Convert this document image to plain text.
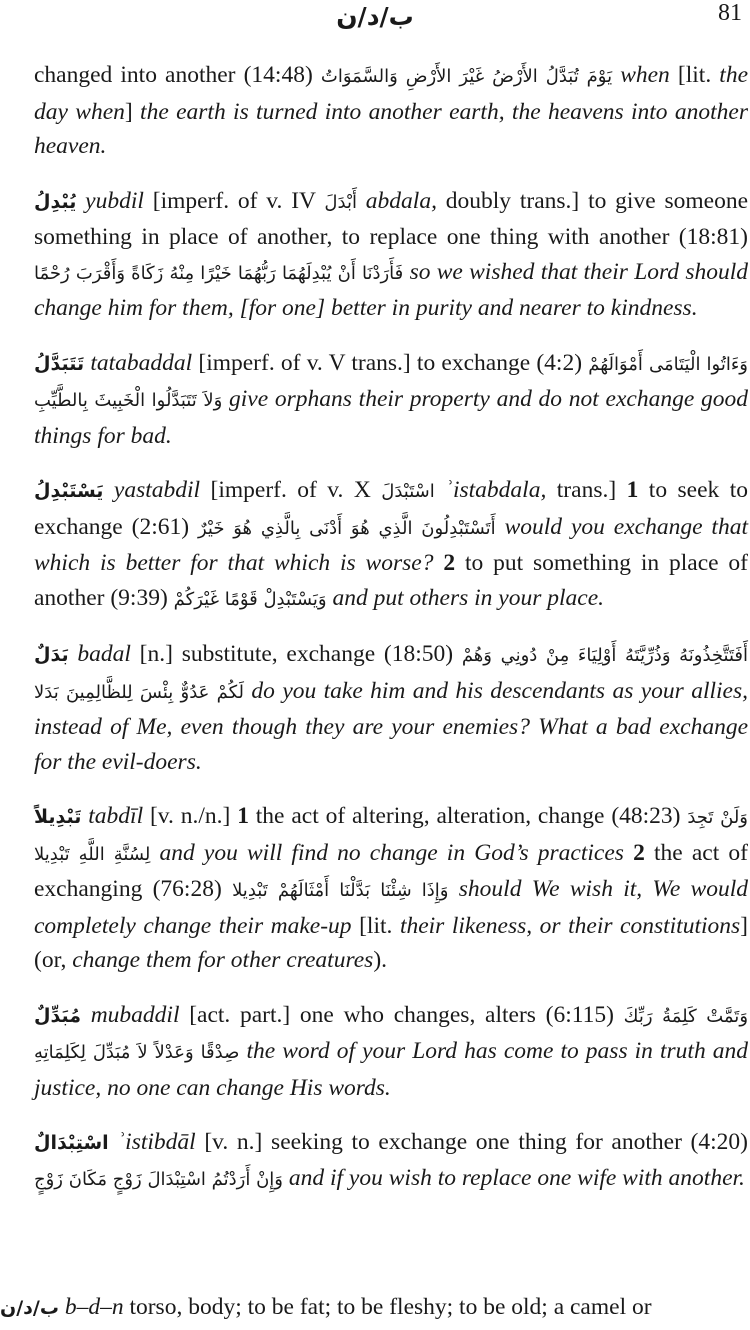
ب/د/ن	81

changed into another (14:48) يَوْمَ تُبَدَّلُ الأَرْضُ غَيْرَ الأَرْضِ وَالسَّمَوَاتُ when [lit. the day when] the earth is turned into another earth, the heavens into another heaven.

يُبْدِلُ yubdil [imperf. of v. IV أَبْدَلَ abdala, doubly trans.] to give someone something in place of another, to replace one thing with another (18:81) فَأَرَدْنَا أَنْ يُبْدِلَهُمَا رَبُّهُمَا خَيْرًا مِنْهُ زَكَاةً وَأَقْرَبَ رُحْمًا so we wished that their Lord should change him for them, [for one] better in purity and nearer to kindness.

تَتَبَدَّلُ tatabaddal [imperf. of v. V trans.] to exchange (4:2) وَءَاتُوا الْيَتَامَى أَمْوَالَهُمْ وَلاَ تَتَبَدَّلُوا الْخَبِيثَ بِالطَّيِّبِ give orphans their property and do not exchange good things for bad.

يَسْتَبْدِلُ yastabdil [imperf. of v. X اسْتَبْدَلَ ʾistabdala, trans.] 1 to seek to exchange (2:61) أَتَسْتَبْدِلُونَ الَّذِي هُوَ أَدْنَى بِالَّذِي هُوَ خَيْرٌ would you exchange that which is better for that which is worse? 2 to put something in place of another (9:39) وَيَسْتَبْدِلْ قَوْمًا غَيْرَكُمْ and put others in your place.

بَدَلٌ badal [n.] substitute, exchange (18:50) أَفَتَتَّخِذُونَهُ وَذُرِّيَّتَهُ أَوْلِيَاءَ مِنْ دُونِي وَهُمْ لَكُمْ عَدُوٌّ بِئْسَ لِلظَّالِمِينَ بَدَلا do you take him and his descendants as your allies, instead of Me, even though they are your enemies? What a bad exchange for the evil-doers.

تَبْدِيلاً tabdīl [v. n./n.] 1 the act of altering, alteration, change (48:23) وَلَنْ تَجِدَ لِسُنَّةِ اللَّهِ تَبْدِيلا and you will find no change in God’s practices 2 the act of exchanging (76:28) وَإِذَا شِئْنَا بَدَّلْنَا أَمْثَالَهُمْ تَبْدِيلا should We wish it, We would completely change their make-up [lit. their likeness, or their constitutions] (or, change them for other creatures).

مُبَدِّلٌ mubaddil [act. part.] one who changes, alters (6:115) وَتَمَّتْ كَلِمَةُ رَبِّكَ صِدْقًا وَعَدْلاً لاَ مُبَدِّلَ لِكَلِمَاتِهِ the word of your Lord has come to pass in truth and justice, no one can change His words.

اسْتِبْدَالٌ ʾistibdāl [v. n.] seeking to exchange one thing for another (4:20) وَإِنْ أَرَدْتُمُ اسْتِبْدَالَ زَوْجٍ مَكَانَ زَوْجٍ and if you wish to replace one wife with another.

ب/د/ن b–d–n torso, body; to be fat; to be fleshy; to be old; a camel or
